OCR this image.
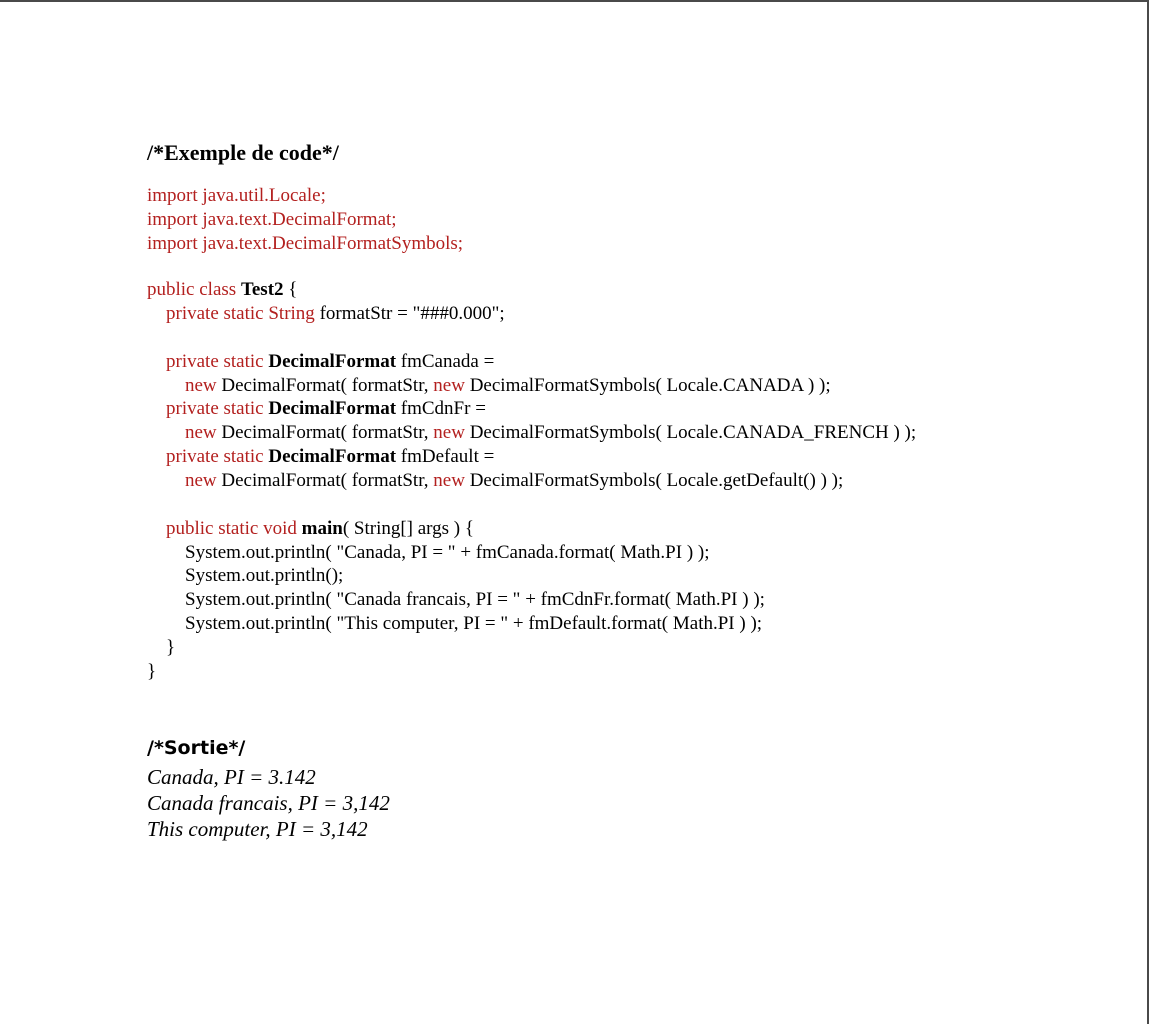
/*Exemple de code*/
import java.util.Locale;
import java.text.DecimalFormat;
import java.text.DecimalFormatSymbols;
public class Test2 {
private static String formatStr = "###0.000";
private static DecimalFormat fmCanada =
new DecimalFormat( formatStr, new DecimalFormatSymbols( Locale.CANADA ) );
private static DecimalFormat fmCdnFr =
new DecimalFormat( formatStr, new DecimalFormatSymbols( Locale.CANADA_FRENCH ) );
private static DecimalFormat fmDefault =
new DecimalFormat( formatStr, new DecimalFormatSymbols( Locale.getDefault() ) );
public static void main( String[] args ) {
System.out.println( "Canada, PI = " + fmCanada.format( Math.PI ) );
System.out.println();
System.out.println( "Canada francais, PI = " + fmCdnFr.format( Math.PI ) );
System.out.println( "This computer, PI = " + fmDefault.format( Math.PI ) );
}
}
/*Sortie*/
Canada, PI = 3.142
Canada francais, PI = 3,142
This computer, PI = 3,142
